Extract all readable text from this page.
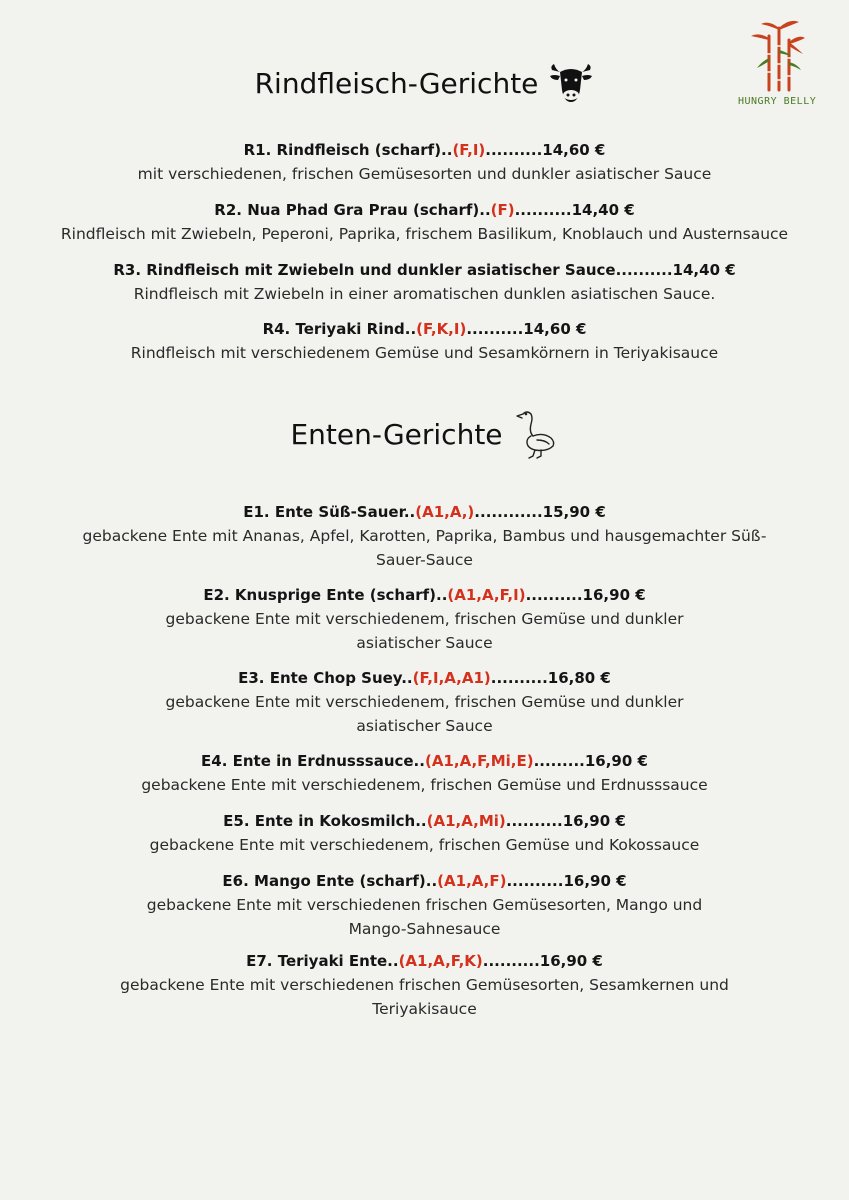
HUNGRY BELLY
Rindfleisch-Gerichte
R1. Rindfleisch (scharf)..(F,I)..........14,60 €
mit verschiedenen, frischen Gemüsesorten und dunkler asiatischer Sauce
R2. Nua Phad Gra Prau (scharf)..(F)..........14,40 €
Rindfleisch mit Zwiebeln, Peperoni, Paprika, frischem Basilikum, Knoblauch und Austernsauce
R3. Rindfleisch mit Zwiebeln und dunkler asiatischer Sauce..........14,40 €
Rindfleisch mit Zwiebeln in einer aromatischen dunklen asiatischen Sauce.
R4. Teriyaki Rind..(F,K,I)..........14,60 €
Rindfleisch mit verschiedenem Gemüse und Sesamkörnern in Teriyakisauce
Enten-Gerichte
E1. Ente Süß-Sauer..(A1,A,)............15,90 €
gebackene Ente mit Ananas, Apfel, Karotten, Paprika, Bambus und hausgemachter Süß-Sauer-Sauce
E2. Knusprige Ente (scharf)..(A1,A,F,I)..........16,90 €
gebackene Ente mit verschiedenem, frischen Gemüse und dunkler asiatischer Sauce
E3. Ente Chop Suey..(F,I,A,A1)..........16,80 €
gebackene Ente mit verschiedenem, frischen Gemüse und dunkler asiatischer Sauce
E4. Ente in Erdnusssauce..(A1,A,F,Mi,E).........16,90 €
gebackene Ente mit verschiedenem, frischen Gemüse und Erdnusssauce
E5. Ente in Kokosmilch..(A1,A,Mi)..........16,90 €
gebackene Ente mit verschiedenem, frischen Gemüse und Kokossauce
E6. Mango Ente (scharf)..(A1,A,F)..........16,90 €
gebackene Ente mit verschiedenen frischen Gemüsesorten, Mango und Mango-Sahnesauce
E7. Teriyaki Ente..(A1,A,F,K)..........16,90 €
gebackene Ente mit verschiedenen frischen Gemüsesorten, Sesamkernen und Teriyakisauce
